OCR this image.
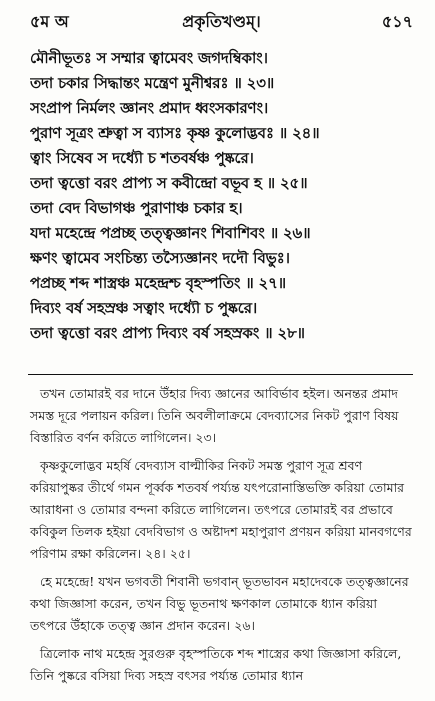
৫ম অ	প্রকৃতিখণ্ডম্।	৫১৭
মৌনীভূতঃ স সম্মার ত্বামেবং জগদম্বিকাং।
তদা চকার সিদ্ধান্তং মন্ত্ৰেণ মুনীশ্বরঃ ॥ ২৩॥
সংপ্রাপ নির্মলং জ্ঞানং প্রমাদ ধ্বংসকারণং।
পুরাণ সূত্রং শ্রুত্বা স ব্যাসঃ কৃষ্ণ কুলোদ্ভবঃ ॥ ২৪॥
ত্বাং সিষেব স দধ্যৌ চ শতবর্ষঞ্চ পুষ্করে।
তদা ত্বত্তো বরং প্রাপ্য স কবীন্দ্রো বভূব হ ॥ ২৫॥
তদা বেদ বিভাগঞ্চ পুরাণাঞ্চ চকার হ।
যদা মহেন্দ্রে পপ্রচ্ছ তত্ত্বজ্ঞানং শিবাশিবং ॥ ২৬॥
ক্ষণং ত্বামেব সংচিন্ত্য তস্যৈজ্ঞানং দদৌ বিভুঃ।
পপ্রচ্ছ শব্দ শাস্ত্রঞ্চ মহেন্দ্রশ্চ বৃহস্পতিং ॥ ২৭॥
দিব্যং বর্ষ সহস্রঞ্চ সত্বাং দধ্যৌ চ পুষ্করে।
তদা ত্বত্তো বরং প্রাপ্য দিব্যং বর্ষ সহস্রকং ॥ ২৮॥

তখন তোমারই বর দানে উঁহার দিব্য জ্ঞানের আবির্ভাব হইল। অনন্তর প্রমাদ সমস্ত দূরে পলায়ন করিল। তিনি অবলীলাক্রমে বেদব্যাসের নিকট পুরাণ বিষয় বিস্তারিত বর্ণন করিতে লাগিলেন। ২৩।

কৃষ্ণকুলোদ্ভব মহর্ষি বেদব্যাস বাল্মীকির নিকট সমস্ত পুরাণ সূত্র শ্রবণ করিয়াপুষ্কর তীর্থে গমন পূর্ব্বক শতবর্ষ পর্য্যন্ত যৎপরোনাস্তিভক্তি করিয়া তোমার আরাধনা ও তোমার বন্দনা করিতে লাগিলেন। তৎপরে তোমারই বর প্রভাবে কবিকুল তিলক হইয়া বেদবিভাগ ও অষ্টাদশ মহাপুরাণ প্রণয়ন করিয়া মানবগণের পরিণাম রক্ষা করিলেন। ২৪। ২৫।

হে মহেন্দ্রে! যখন ভগবতী শিবানী ভগবান্ ভূতভাবন মহাদেবকে তত্ত্বজ্ঞানের কথা জিজ্ঞাসা করেন, তখন বিভু ভূতনাথ ক্ষণকাল তোমাকে ধ্যান করিয়া তৎপরে উঁহাকে তত্ত্ব জ্ঞান প্রদান করেন। ২৬।

ত্রিলোক নাথ মহেন্দ্র সুরগুরু বৃহস্পতিকে শব্দ শাস্ত্রের কথা জিজ্ঞাসা করিলে, তিনি পুষ্করে বসিয়া দিব্য সহস্র বৎসর পর্য্যন্ত তোমার ধ্যান
